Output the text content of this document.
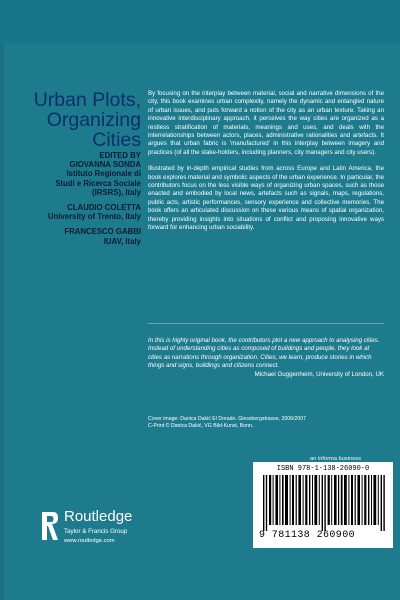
Urban Plots,
Organizing
Cities
EDITED BY
GIOVANNA SONDA
Istituto Regionale di
Studi e Ricerca Sociale
(IRSRS), Italy
CLAUDIO COLETTA
University of Trento, Italy
FRANCESCO GABBI
IUAV, Italy

By focusing on the interplay between material, social and narrative dimensions of the city, this book examines urban complexity, namely the dynamic and entangled nature of urban issues, and puts forward a notion of the city as an urban texture. Taking an innovative interdisciplinary approach, it perceives the way cities are organized as a restless stratification of materials, meanings and uses, and deals with the interrelationships between actors, places, administrative rationalities and artefacts. It argues that urban fabric is 'manufactured' in this interplay between imagery and practices (of all the stake-holders, including planners, city managers and city users).

Illustrated by in-depth empirical studies from across Europe and Latin America, the book explores material and symbolic aspects of the urban experience. In particular, the contributors focus on the less visible ways of organizing urban spaces, such as those enacted and embodied by local news, artefacts such as signals, maps, regulations, public acts, artistic performances, sensory experience and collective memories. The book offers an articulated discussion on these various means of spatial organization, thereby providing insights into situations of conflict and proposing innovative ways forward for enhancing urban sociability.

In this is highly original book, the contributors plot a new approach to analysing cities. Instead of understanding cities as composed of buildings and people, they look at cities as narrations through organization. Cities, we learn, produce stories in which things and signs, buildings and citizens connect.
Michael Guggenheim, University of London, UK
Cover image: Danica Dakić El Dorado. Giessbergstrasse, 2006/2007
C-Print © Danica Dakić, VG Bild-Kunst, Bonn.
an informa business
ISBN 978-1-138-26090-0
9 781138 260900
Routledge
Taylor & Francis Group
www.routledge.com
